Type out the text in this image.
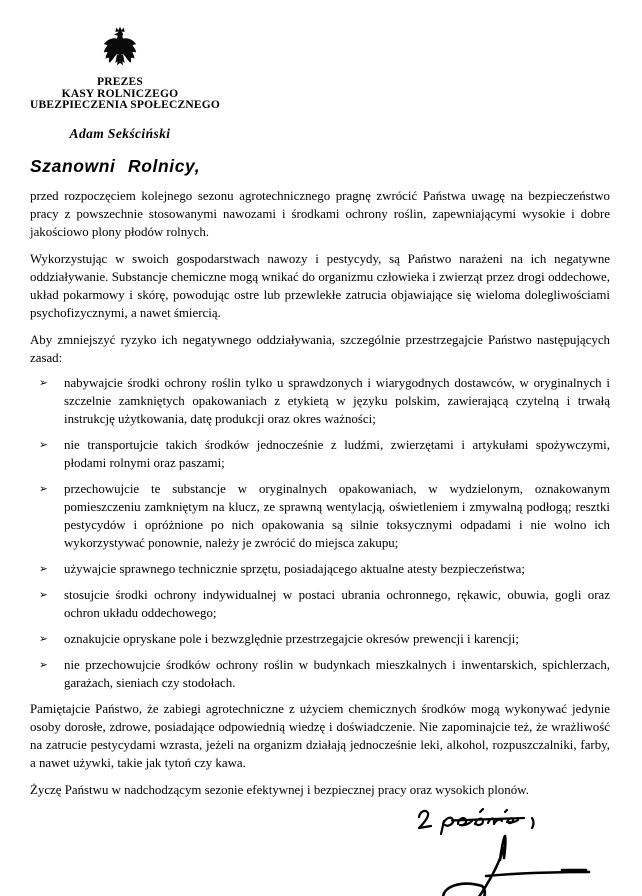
PREZES
KASY ROLNICZEGO
UBEZPIECZENIA SPOŁECZNEGO
Adam Sekściński
Szanowni Rolnicy,

przed rozpoczęciem kolejnego sezonu agrotechnicznego pragnę zwrócić Państwa uwagę na bezpieczeństwo pracy z powszechnie stosowanymi nawozami i środkami ochrony roślin, zapewniającymi wysokie i dobre jakościowo plony płodów rolnych.

Wykorzystując w swoich gospodarstwach nawozy i pestycydy, są Państwo narażeni na ich negatywne oddziaływanie. Substancje chemiczne mogą wnikać do organizmu człowieka i zwierząt przez drogi oddechowe, układ pokarmowy i skórę, powodując ostre lub przewlekłe zatrucia objawiające się wieloma dolegliwościami psychofizycznymi, a nawet śmiercią.

Aby zmniejszyć ryzyko ich negatywnego oddziaływania, szczególnie przestrzegajcie Państwo następujących zasad:

➢	nabywajcie środki ochrony roślin tylko u sprawdzonych i wiarygodnych dostawców, w oryginalnych i szczelnie zamkniętych opakowaniach z etykietą w języku polskim, zawierającą czytelną i trwałą instrukcję użytkowania, datę produkcji oraz okres ważności;
➢	nie transportujcie takich środków jednocześnie z ludźmi, zwierzętami i artykułami spożywczymi, płodami rolnymi oraz paszami;
➢	przechowujcie te substancje w oryginalnych opakowaniach, w wydzielonym, oznakowanym pomieszczeniu zamkniętym na klucz, ze sprawną wentylacją, oświetleniem i zmywalną podłogą; resztki pestycydów i opróżnione po nich opakowania są silnie toksycznymi odpadami i nie wolno ich wykorzystywać ponownie, należy je zwrócić do miejsca zakupu;
➢	używajcie sprawnego technicznie sprzętu, posiadającego aktualne atesty bezpieczeństwa;
➢	stosujcie środki ochrony indywidualnej w postaci ubrania ochronnego, rękawic, obuwia, gogli oraz ochron układu oddechowego;
➢	oznakujcie opryskane pole i bezwzględnie przestrzegajcie okresów prewencji i karencji;
➢	nie przechowujcie środków ochrony roślin w budynkach mieszkalnych i inwentarskich, spichlerzach, garażach, sieniach czy stodołach.

Pamiętajcie Państwo, że zabiegi agrotechniczne z użyciem chemicznych środków mogą wykonywać jedynie osoby dorosłe, zdrowe, posiadające odpowiednią wiedzę i doświadczenie. Nie zapominajcie też, że wrażliwość na zatrucie pestycydami wzrasta, jeżeli na organizm działają jednocześnie leki, alkohol, rozpuszczalniki, farby, a nawet używki, takie jak tytoń czy kawa.

Życzę Państwu w nadchodzącym sezonie efektywnej i bezpiecznej pracy oraz wysokich plonów.
